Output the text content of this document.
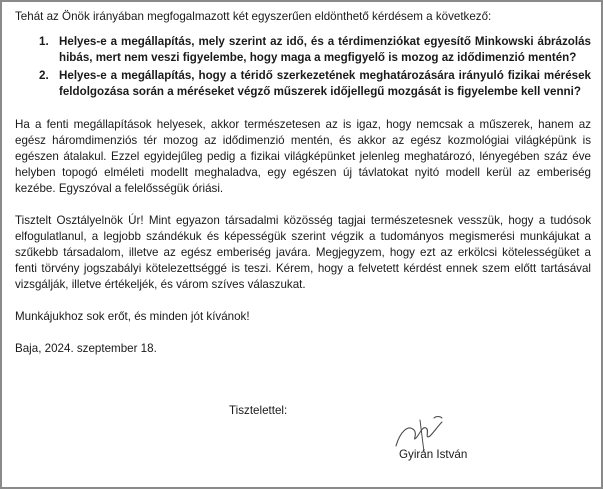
Tehát az Önök irányában megfogalmazott két egyszerűen eldönthető kérdésem a következő:

1. Helyes-e a megállapítás, mely szerint az idő, és a térdimenziókat egyesítő Minkowski ábrázolás hibás, mert nem veszi figyelembe, hogy maga a megfigyelő is mozog az idődimenzió mentén?
2. Helyes-e a megállapítás, hogy a téridő szerkezetének meghatározására irányuló fizikai mérések feldolgozása során a méréseket végző műszerek időjellegű mozgását is figyelembe kell venni?

Ha a fenti megállapítások helyesek, akkor természetesen az is igaz, hogy nemcsak a műszerek, hanem az egész háromdimenziós tér mozog az idődimenzió mentén, és akkor az egész kozmológiai világképünk is egészen átalakul. Ezzel egyidejűleg pedig a fizikai világképünket jelenleg meghatározó, lényegében száz éve helyben topogó elméleti modellt meghaladva, egy egészen új távlatokat nyitó modell kerül az emberiség kezébe. Egyszóval a felelősségük óriási.

Tisztelt Osztályelnök Úr! Mint egyazon társadalmi közösség tagjai természetesnek vesszük, hogy a tudósok elfogulatlanul, a legjobb szándékuk és képességük szerint végzik a tudományos megismerési munkájukat a szűkebb társadalom, illetve az egész emberiség javára. Megjegyzem, hogy ezt az erkölcsi kötelességüket a fenti törvény jogszabályi kötelezettséggé is teszi. Kérem, hogy a felvetett kérdést ennek szem előtt tartásával vizsgálják, illetve értékeljék, és várom szíves válaszukat.

Munkájukhoz sok erőt, és minden jót kívánok!

Baja, 2024. szeptember 18.

Tisztelettel:
Gyirán István
